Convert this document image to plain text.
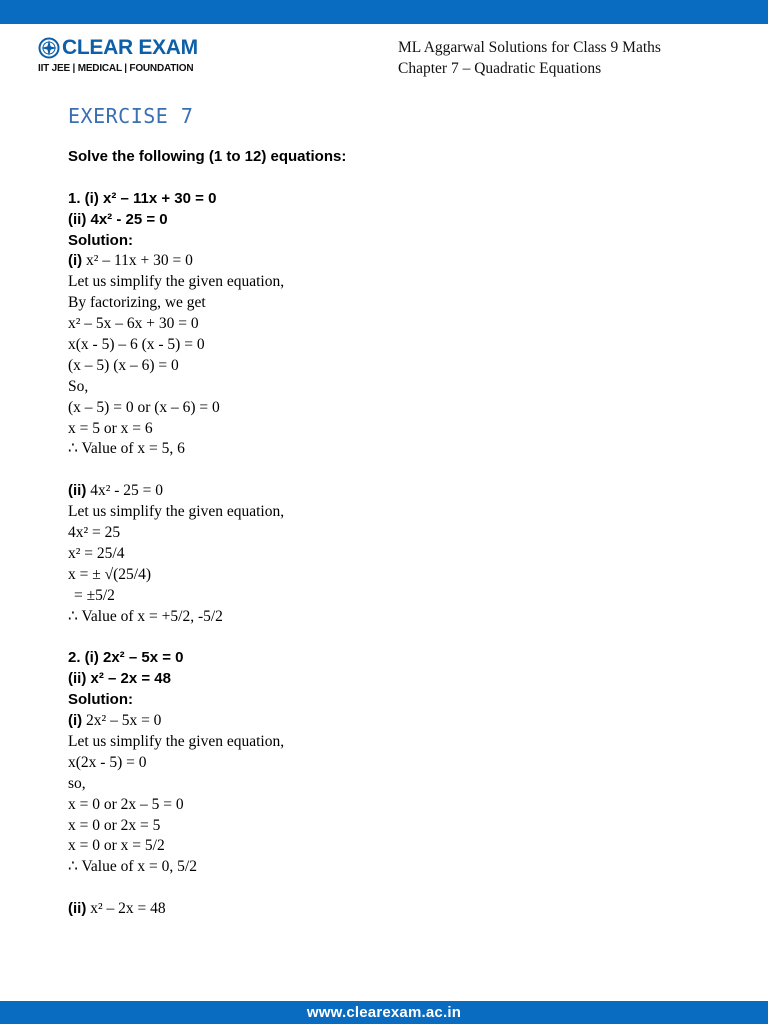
CLEAR EXAM
IIT JEE | MEDICAL | FOUNDATION
ML Aggarwal Solutions for Class 9 Maths
Chapter 7 – Quadratic Equations
EXERCISE 7
Solve the following (1 to 12) equations:
1. (i) x² – 11x + 30 = 0
(ii) 4x² - 25 = 0
Solution:
(i) x² – 11x + 30 = 0
Let us simplify the given equation,
By factorizing, we get
x² – 5x – 6x + 30 = 0
x(x - 5) – 6 (x - 5) = 0
(x – 5) (x – 6) = 0
So,
(x – 5) = 0 or (x – 6) = 0
x = 5 or x = 6
∴ Value of x = 5, 6
(ii) 4x² - 25 = 0
Let us simplify the given equation,
4x² = 25
x² = 25/4
x = ± √(25/4)
= ±5/2
∴ Value of x = +5/2, -5/2
2. (i) 2x² – 5x = 0
(ii) x² – 2x = 48
Solution:
(i) 2x² – 5x = 0
Let us simplify the given equation,
x(2x - 5) = 0
so,
x = 0 or 2x – 5 = 0
x = 0 or 2x = 5
x = 0 or x = 5/2
∴ Value of x = 0, 5/2
(ii) x² – 2x = 48
www.clearexam.ac.in
